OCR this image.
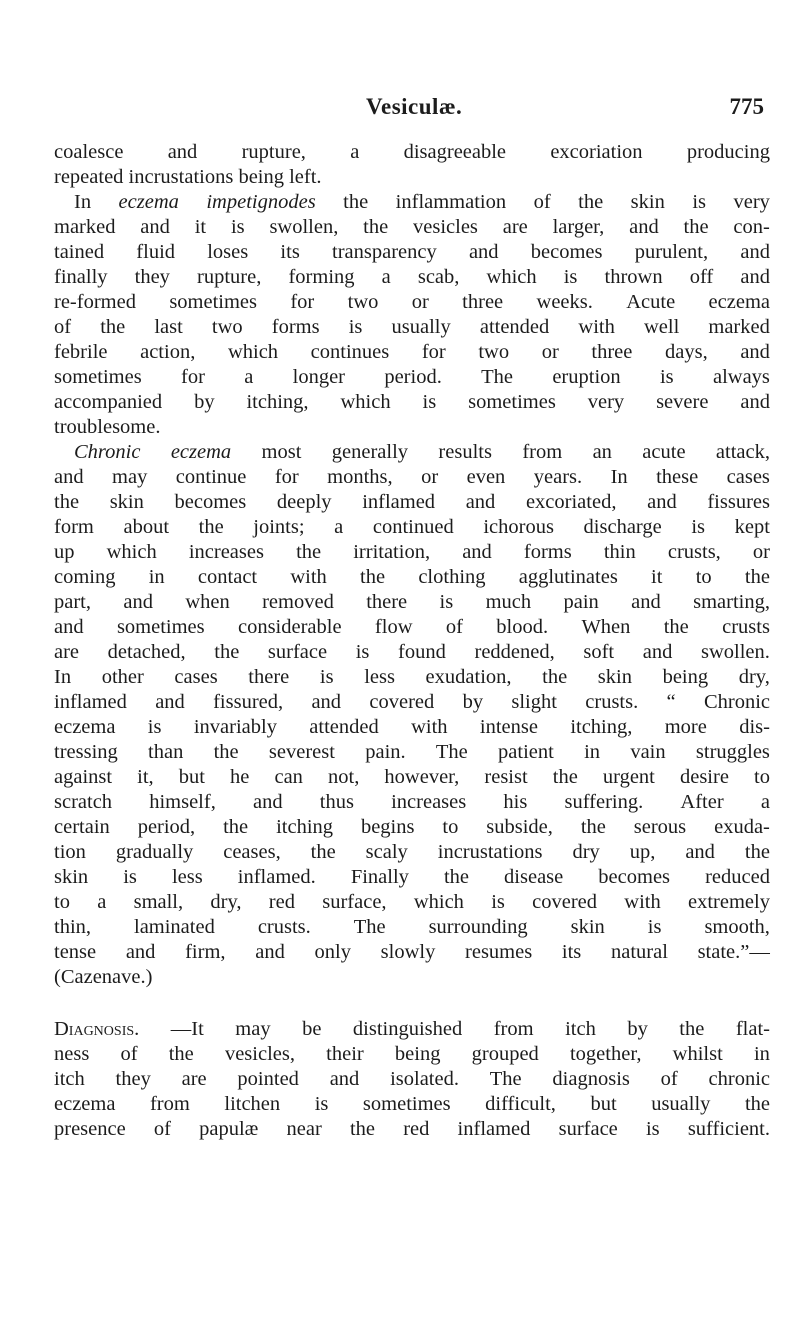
Vesiculæ.	775
coalesce and rupture, a disagreeable excoriation producing
repeated incrustations being left.
In eczema impetignodes the inflammation of the skin is very
marked and it is swollen, the vesicles are larger, and the con-
tained fluid loses its transparency and becomes purulent, and
finally they rupture, forming a scab, which is thrown off and
re-formed sometimes for two or three weeks. Acute eczema
of the last two forms is usually attended with well marked
febrile action, which continues for two or three days, and
sometimes for a longer period. The eruption is always
accompanied by itching, which is sometimes very severe and
troublesome.
Chronic eczema most generally results from an acute attack,
and may continue for months, or even years. In these cases
the skin becomes deeply inflamed and excoriated, and fissures
form about the joints; a continued ichorous discharge is kept
up which increases the irritation, and forms thin crusts, or
coming in contact with the clothing agglutinates it to the
part, and when removed there is much pain and smarting,
and sometimes considerable flow of blood. When the crusts
are detached, the surface is found reddened, soft and swollen.
In other cases there is less exudation, the skin being dry,
inflamed and fissured, and covered by slight crusts. “ Chronic
eczema is invariably attended with intense itching, more dis-
tressing than the severest pain. The patient in vain struggles
against it, but he can not, however, resist the urgent desire to
scratch himself, and thus increases his suffering. After a
certain period, the itching begins to subside, the serous exuda-
tion gradually ceases, the scaly incrustations dry up, and the
skin is less inflamed. Finally the disease becomes reduced
to a small, dry, red surface, which is covered with extremely
thin, laminated crusts. The surrounding skin is smooth,
tense and firm, and only slowly resumes its natural state.”—
(Cazenave.)
Diagnosis. —It may be distinguished from itch by the flat-
ness of the vesicles, their being grouped together, whilst in
itch they are pointed and isolated. The diagnosis of chronic
eczema from litchen is sometimes difficult, but usually the
presence of papulæ near the red inflamed surface is sufficient.
